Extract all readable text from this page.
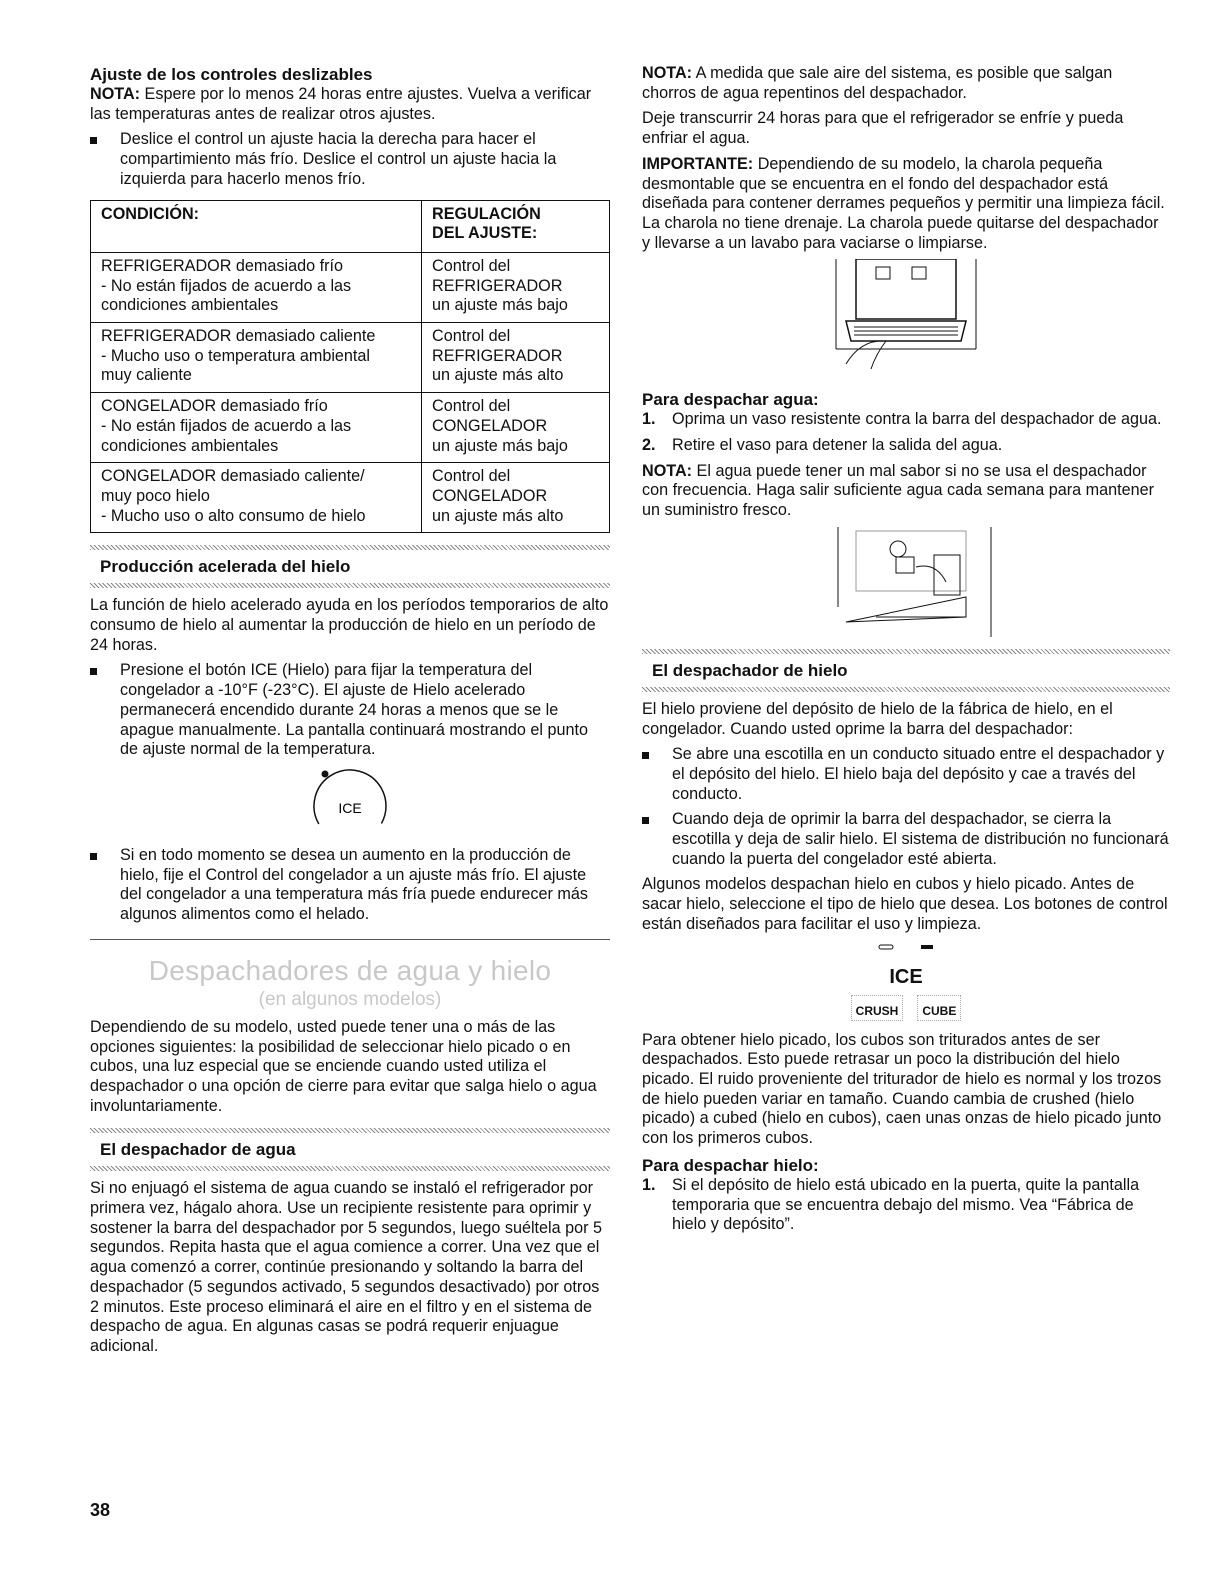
Ajuste de los controles deslizables

NOTA: Espere por lo menos 24 horas entre ajustes. Vuelva a verificar las temperaturas antes de realizar otros ajustes.

Deslice el control un ajuste hacia la derecha para hacer el compartimiento más frío. Deslice el control un ajuste hacia la izquierda para hacerlo menos frío.
CONDICIÓN:	REGULACIÓN
DEL AJUSTE:

REFRIGERADOR demasiado frío
- No están fijados de acuerdo a las
condiciones ambientales	Control del
REFRIGERADOR
un ajuste más bajo

REFRIGERADOR demasiado caliente
- Mucho uso o temperatura ambiental
muy caliente	Control del
REFRIGERADOR
un ajuste más alto

CONGELADOR demasiado frío
- No están fijados de acuerdo a las
condiciones ambientales	Control del
CONGELADOR
un ajuste más bajo

CONGELADOR demasiado caliente/
muy poco hielo
- Mucho uso o alto consumo de hielo	Control del
CONGELADOR
un ajuste más alto
Producción acelerada del hielo

La función de hielo acelerado ayuda en los períodos temporarios de alto consumo de hielo al aumentar la producción de hielo en un período de 24 horas.

Presione el botón ICE (Hielo) para fijar la temperatura del congelador a -10°F (-23°C). El ajuste de Hielo acelerado permanecerá encendido durante 24 horas a menos que se le apague manualmente. La pantalla continuará mostrando el punto de ajuste normal de la temperatura.
ICE
Si en todo momento se desea un aumento en la producción de hielo, fije el Control del congelador a un ajuste más frío. El ajuste del congelador a una temperatura más fría puede endurecer más algunos alimentos como el helado.
Despachadores de agua y hielo
(en algunos modelos)

Dependiendo de su modelo, usted puede tener una o más de las opciones siguientes: la posibilidad de seleccionar hielo picado o en cubos, una luz especial que se enciende cuando usted utiliza el despachador o una opción de cierre para evitar que salga hielo o agua involuntariamente.

El despachador de agua

Si no enjuagó el sistema de agua cuando se instaló el refrigerador por primera vez, hágalo ahora. Use un recipiente resistente para oprimir y sostener la barra del despachador por 5 segundos, luego suéltela por 5 segundos. Repita hasta que el agua comience a correr. Una vez que el agua comenzó a correr, continúe presionando y soltando la barra del despachador (5 segundos activado, 5 segundos desactivado) por otros 2 minutos. Este proceso eliminará el aire en el filtro y en el sistema de despacho de agua. En algunas casas se podrá requerir enjuague adicional.

NOTA: A medida que sale aire del sistema, es posible que salgan chorros de agua repentinos del despachador.

Deje transcurrir 24 horas para que el refrigerador se enfríe y pueda enfriar el agua.

IMPORTANTE: Dependiendo de su modelo, la charola pequeña desmontable que se encuentra en el fondo del despachador está diseñada para contener derrames pequeños y permitir una limpieza fácil. La charola no tiene drenaje. La charola puede quitarse del despachador y llevarse a un lavabo para vaciarse o limpiarse.

Para despachar agua:
1. Oprima un vaso resistente contra la barra del despachador de agua.
2. Retire el vaso para detener la salida del agua.

NOTA: El agua puede tener un mal sabor si no se usa el despachador con frecuencia. Haga salir suficiente agua cada semana para mantener un suministro fresco.

El despachador de hielo

El hielo proviene del depósito de hielo de la fábrica de hielo, en el congelador. Cuando usted oprime la barra del despachador:

Se abre una escotilla en un conducto situado entre el despachador y el depósito del hielo. El hielo baja del depósito y cae a través del conducto.
Cuando deja de oprimir la barra del despachador, se cierra la escotilla y deja de salir hielo. El sistema de distribución no funcionará cuando la puerta del congelador esté abierta.

Algunos modelos despachan hielo en cubos y hielo picado. Antes de sacar hielo, seleccione el tipo de hielo que desea. Los botones de control están diseñados para facilitar el uso y limpieza.

ICE
CRUSH	CUBE

Para obtener hielo picado, los cubos son triturados antes de ser despachados. Esto puede retrasar un poco la distribución del hielo picado. El ruido proveniente del triturador de hielo es normal y los trozos de hielo pueden variar en tamaño. Cuando cambia de crushed (hielo picado) a cubed (hielo en cubos), caen unas onzas de hielo picado junto con los primeros cubos.

Para despachar hielo:
1. Si el depósito de hielo está ubicado en la puerta, quite la pantalla temporaria que se encuentra debajo del mismo. Vea “Fábrica de hielo y depósito”.
38
